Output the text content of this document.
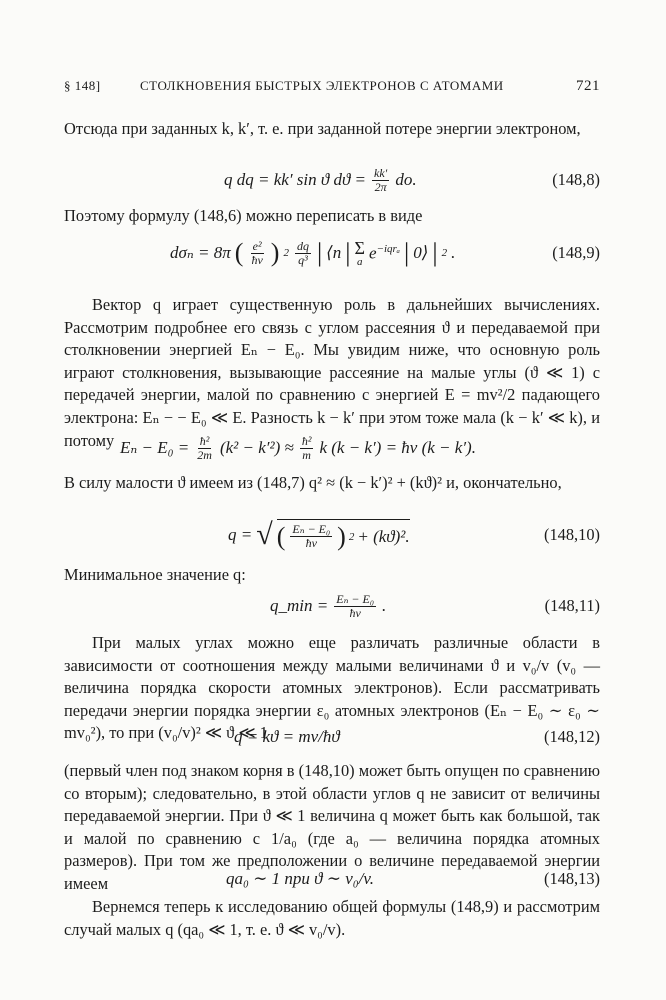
§ 148]	СТОЛКНОВЕНИЯ БЫСТРЫХ ЭЛЕКТРОНОВ С АТОМАМИ	721

Отсюда при заданных k, k′, т. е. при заданной потере энергии электроном,

q dq = kk′ sin ϑ $dϑ = \frac{kk'}{2\pi}$ do.	(148,8)

Поэтому формулу (148,6) можно переписать в виде

dσₙ = 8π ( $\frac{\text{e²}}{ħv}$ ) $2 \frac{dq}{\text{q³}}$ | ⟨n | Σ
a $e^{-iqr_a}$ | 0⟩ | 2 .	(148,9)

Вектор q играет существенную роль в дальнейших вычислениях. Рассмотрим подробнее его связь с углом рассеяния ϑ и передаваемой при столкновении энергией Eₙ − E₀. Мы увидим ниже, что основную роль играют столкновения, вызывающие рассеяние на малые углы (ϑ ≪ 1) с передачей энергии, малой по сравнению с энергией E = mv²/2 падающего электрона: Eₙ − − E₀ ≪ E. Разность k − k′ при этом тоже мала (k − k′ ≪ k), и потому $E_n - E_0 = \frac{\text{ħ²}}{2m} (k^2 - k'^2) \approx \frac{\text{ħ²}}{m}$ k (k − k′) = ħv (k − k′).

В силу малости ϑ имеем из (148,7) q² ≈ (k − k′)² + (kϑ)² и, окончательно,

q = √ ( $\frac{\text{Eₙ − E₀}}{ħv}$ ) 2 + (kϑ)².	(148,10)

Минимальное значение q:

q_min = $\frac{\text{Eₙ − E₀}}{ħv}$ .	(148,11)

При малых углах можно еще различать различные области в зависимости от соотношения между малыми величинами ϑ и v₀/v (v₀ — величина порядка скорости атомных электронов). Если рассматривать передачи энергии порядка энергии ε₀ атомных электронов (Eₙ − E₀ ∼ ε₀ ∼ mv₀²), то при (v₀/v)² ≪ ϑ ≪ 1

q = kϑ = mv/ħϑ	(148,12)

(первый член под знаком корня в (148,10) может быть опущен по сравнению со вторым); следовательно, в этой области углов q не зависит от величины передаваемой энергии. При ϑ ≪ 1 величина q может быть как большой, так и малой по сравнению с 1/a₀ (где a₀ — величина порядка атомных размеров). При том же предположении о величине передаваемой энергии имеем	qa₀ ∼ 1 при ϑ ∼ v₀/v.	(148,13)

Вернемся теперь к исследованию общей формулы (148,9) и рассмотрим случай малых q (qa₀ ≪ 1, т. е. ϑ ≪ v₀/v).
